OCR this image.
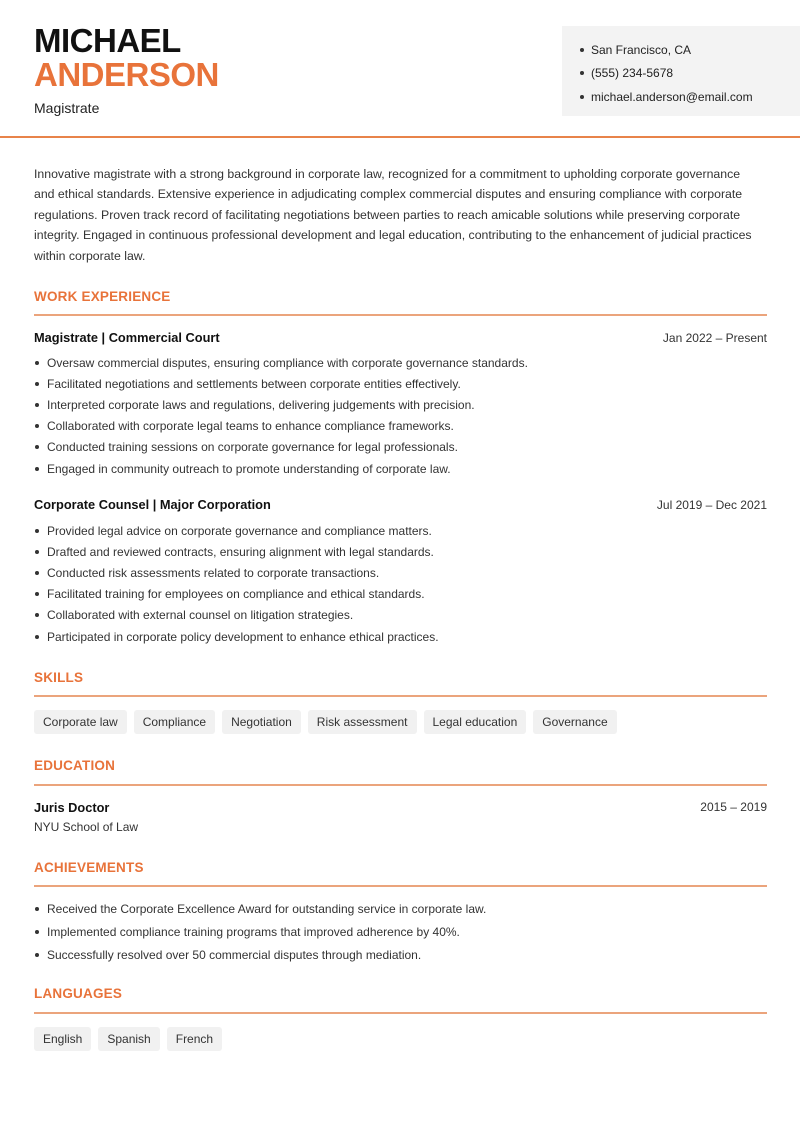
MICHAEL
ANDERSON
Magistrate
San Francisco, CA
(555) 234-5678
michael.anderson@email.com

Innovative magistrate with a strong background in corporate law, recognized for a commitment to upholding corporate governance and ethical standards. Extensive experience in adjudicating complex commercial disputes and ensuring compliance with corporate regulations. Proven track record of facilitating negotiations between parties to reach amicable solutions while preserving corporate integrity. Engaged in continuous professional development and legal education, contributing to the enhancement of judicial practices within corporate law.

WORK EXPERIENCE
Magistrate | Commercial Court	Jan 2022 – Present
Oversaw commercial disputes, ensuring compliance with corporate governance standards.
Facilitated negotiations and settlements between corporate entities effectively.
Interpreted corporate laws and regulations, delivering judgements with precision.
Collaborated with corporate legal teams to enhance compliance frameworks.
Conducted training sessions on corporate governance for legal professionals.
Engaged in community outreach to promote understanding of corporate law.
Corporate Counsel | Major Corporation	Jul 2019 – Dec 2021
Provided legal advice on corporate governance and compliance matters.
Drafted and reviewed contracts, ensuring alignment with legal standards.
Conducted risk assessments related to corporate transactions.
Facilitated training for employees on compliance and ethical standards.
Collaborated with external counsel on litigation strategies.
Participated in corporate policy development to enhance ethical practices.
SKILLS
Corporate law	Compliance	Negotiation	Risk assessment	Legal education	Governance
EDUCATION
Juris Doctor	2015 – 2019
NYU School of Law
ACHIEVEMENTS
Received the Corporate Excellence Award for outstanding service in corporate law.
Implemented compliance training programs that improved adherence by 40%.
Successfully resolved over 50 commercial disputes through mediation.
LANGUAGES
English	Spanish	French
